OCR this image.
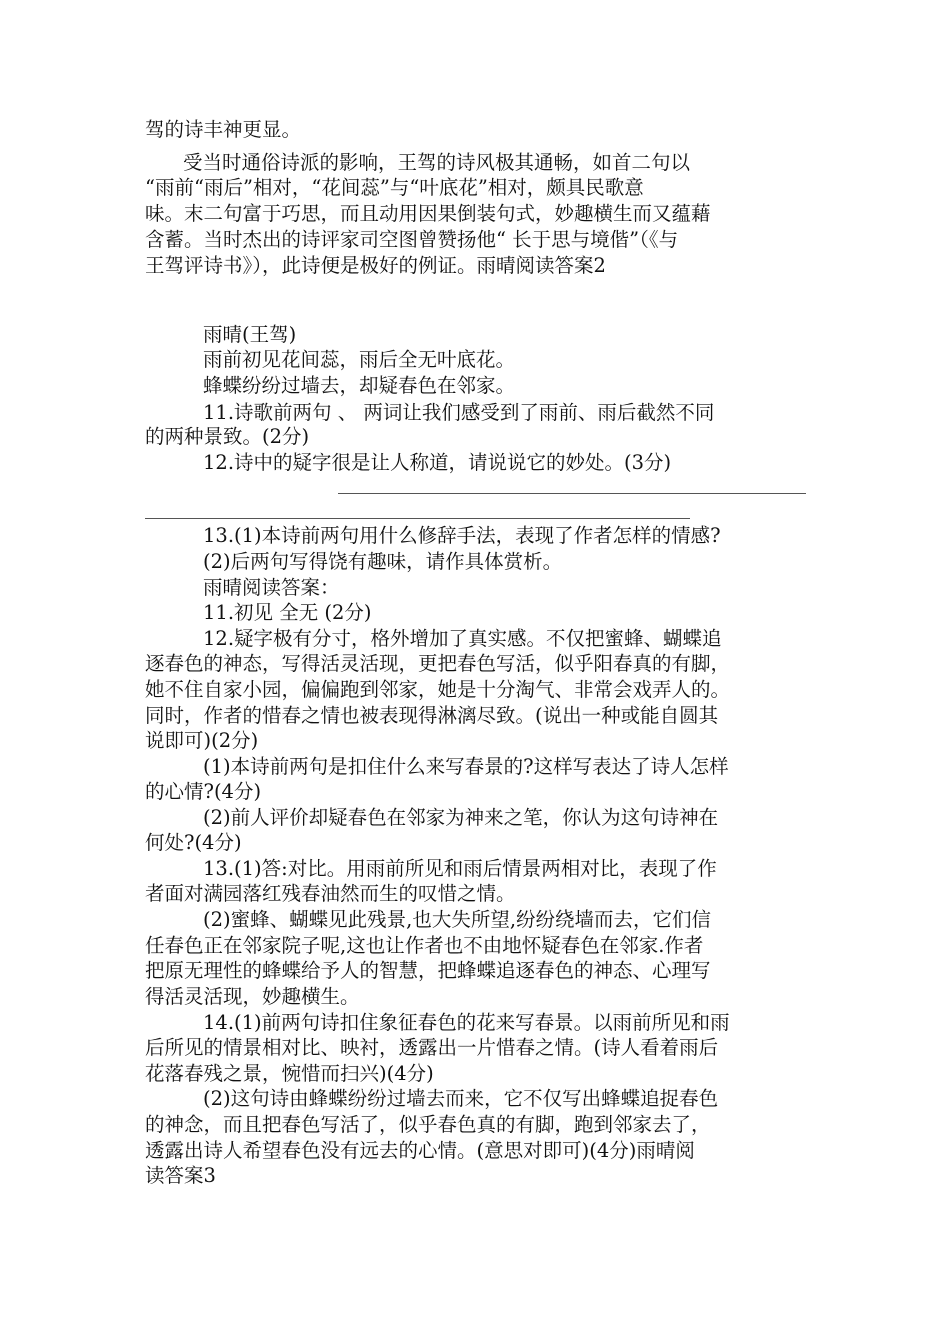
驾的诗丰神更显。
受当时通俗诗派的影响，王驾的诗风极其通畅，如首二句以
“雨前“雨后”相对，“花间蕊”与“叶底花”相对，颇具民歌意
味。末二句富于巧思，而且动用因果倒装句式，妙趣横生而又蕴藉
含蓄。当时杰出的诗评家司空图曾赞扬他“ 长于思与境偕”（《与
王驾评诗书》），此诗便是极好的例证。雨晴阅读答案2
雨晴(王驾)
雨前初见花间蕊，雨后全无叶底花。
蜂蝶纷纷过墙去，却疑春色在邻家。
11.诗歌前两句 、 两词让我们感受到了雨前、雨后截然不同
的两种景致。(2分)
12.诗中的疑字很是让人称道，请说说它的妙处。(3分)
13.(1)本诗前两句用什么修辞手法，表现了作者怎样的情感?
(2)后两句写得饶有趣味，请作具体赏析。
雨晴阅读答案：
11.初见 全无 (2分)
12.疑字极有分寸，格外增加了真实感。不仅把蜜蜂、蝴蝶追
逐春色的神态，写得活灵活现，更把春色写活，似乎阳春真的有脚，
她不住自家小园，偏偏跑到邻家，她是十分淘气、非常会戏弄人的。
同时，作者的惜春之情也被表现得淋漓尽致。(说出一种或能自圆其
说即可)(2分)
(1)本诗前两句是扣住什么来写春景的?这样写表达了诗人怎样
的心情?(4分)
(2)前人评价却疑春色在邻家为神来之笔，你认为这句诗神在
何处?(4分)
13.(1)答:对比。用雨前所见和雨后情景两相对比，表现了作
者面对满园落红残春油然而生的叹惜之情。
(2)蜜蜂、蝴蝶见此残景,也大失所望,纷纷绕墙而去，它们信
任春色正在邻家院子呢,这也让作者也不由地怀疑春色在邻家.作者
把原无理性的蜂蝶给予人的智慧，把蜂蝶追逐春色的神态、心理写
得活灵活现，妙趣横生。
14.(1)前两句诗扣住象征春色的花来写春景。以雨前所见和雨
后所见的情景相对比、映衬，透露出一片惜春之情。(诗人看着雨后
花落春残之景，惋惜而扫兴)(4分)
(2)这句诗由蜂蝶纷纷过墙去而来，它不仅写出蜂蝶追捉春色
的神念，而且把春色写活了，似乎春色真的有脚，跑到邻家去了，
透露出诗人希望春色没有远去的心情。(意思对即可)(4分)雨晴阅
读答案3
